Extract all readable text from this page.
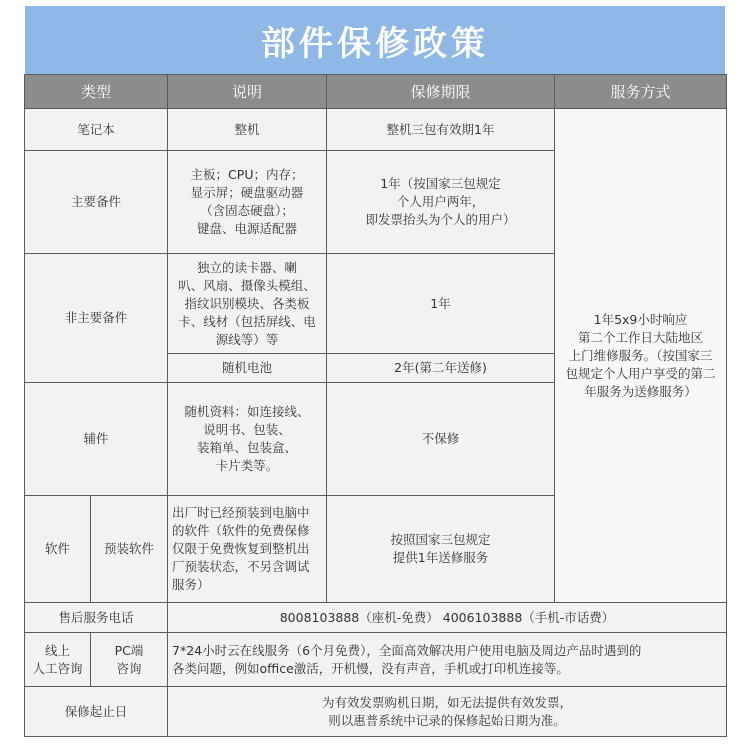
部件保修政策
类型		说明	保修期限	服务方式
笔记本		整机	整机三包有效期1年	1年5x9小时响应
第二个工作日大陆地区
上门维修服务。（按国家三
包规定个人用户享受的第二
年服务为送修服务）
主要备件		主板；CPU；内存；
显示屏；硬盘驱动器
（含固态硬盘）；
键盘、电源适配器	1年（按国家三包规定
个人用户两年，
即发票抬头为个人的用户）	
非主要备件		独立的读卡器、喇
叭、风扇、摄像头模组、
指纹识别模块、各类板
卡、线材（包括屏线、电
源线等）等	1年	
		随机电池	2年(第二年送修)	
辅件		随机资料：如连接线、
说明书、包装、
装箱单、包装盒、
卡片类等。	不保修	
软件	预装软件	出厂时已经预装到电脑中
的软件（软件的免费保修
仅限于免费恢复到整机出
厂预装状态，不另含调试
服务）	按照国家三包规定
提供1年送修服务	
售后服务电话		8008103888（座机-免费） 4006103888（手机-市话费）		
线上
人工咨询	PC端
咨询	7*24小时云在线服务（6个月免费），全面高效解决用户使用电脑及周边产品时遇到的
各类问题，例如office激活，开机慢，没有声音，手机或打印机连接等。		
保修起止日		为有效发票购机日期，如无法提供有效发票，
则以惠普系统中记录的保修起始日期为准。		
